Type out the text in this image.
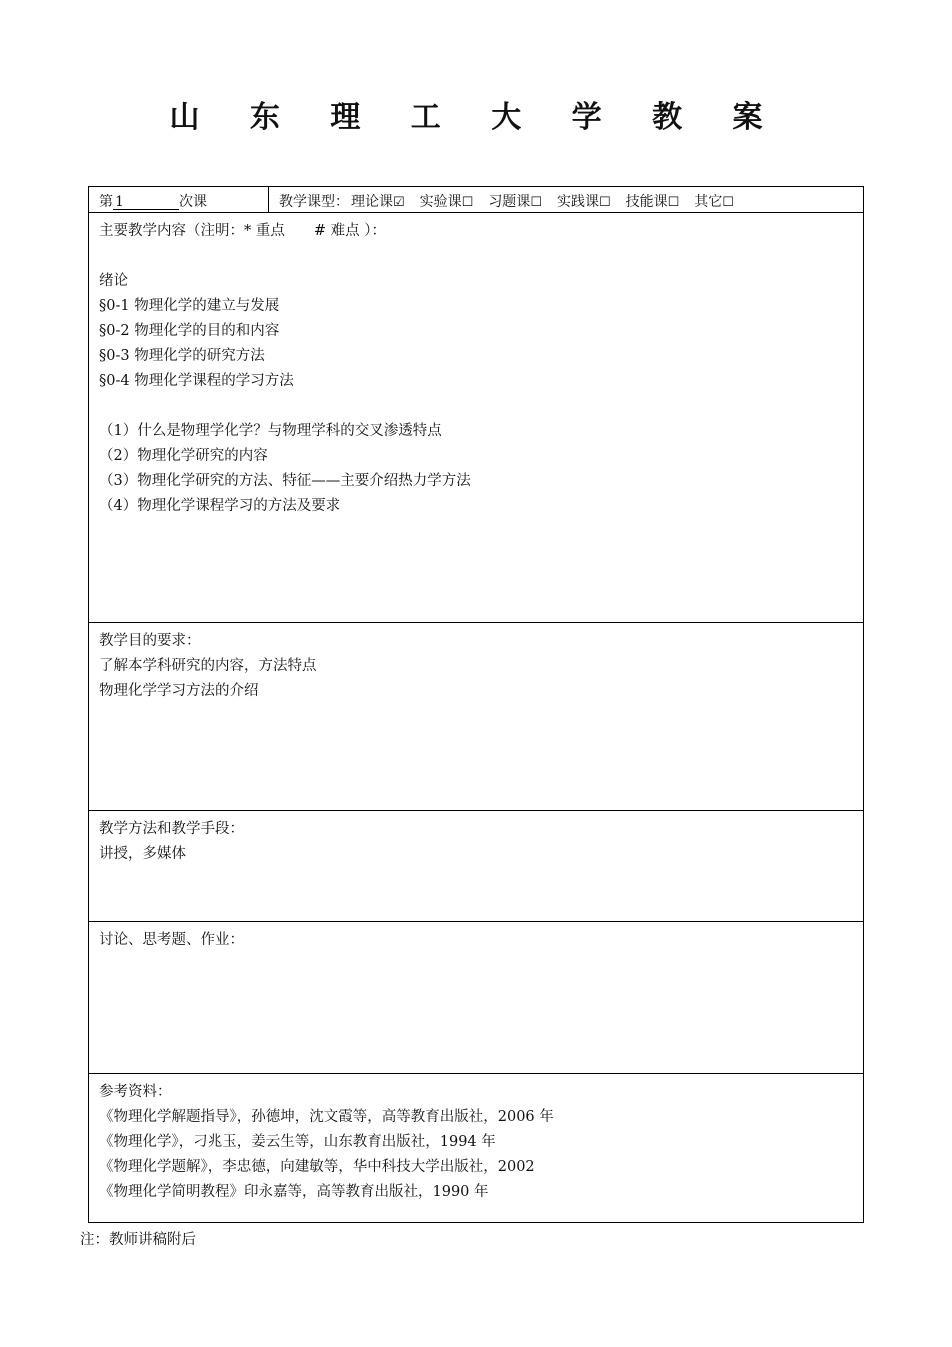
山 东 理 工 大 学 教 案
第 1	次课	教学课型： 理论课☑ 实验课☐ 习题课☐ 实践课☐ 技能课☐ 其它☐
主要教学内容（注明：* 重点　　# 难点 ）：
绪论
§0-1 物理化学的建立与发展
§0-2 物理化学的目的和内容
§0-3 物理化学的研究方法
§0-4 物理化学课程的学习方法
（1）什么是物理学化学？与物理学科的交叉渗透特点
（2）物理化学研究的内容
（3）物理化学研究的方法、特征——主要介绍热力学方法
（4）物理化学课程学习的方法及要求
教学目的要求：
了解本学科研究的内容，方法特点
物理化学学习方法的介绍
教学方法和教学手段：
讲授，多媒体
讨论、思考题、作业：
参考资料：
《物理化学解题指导》，孙德坤，沈文霞等，高等教育出版社，2006 年
《物理化学》，刁兆玉，姜云生等，山东教育出版社，1994 年
《物理化学题解》，李忠德，向建敏等，华中科技大学出版社，2002
《物理化学简明教程》印永嘉等，高等教育出版社，1990 年
注：教师讲稿附后
